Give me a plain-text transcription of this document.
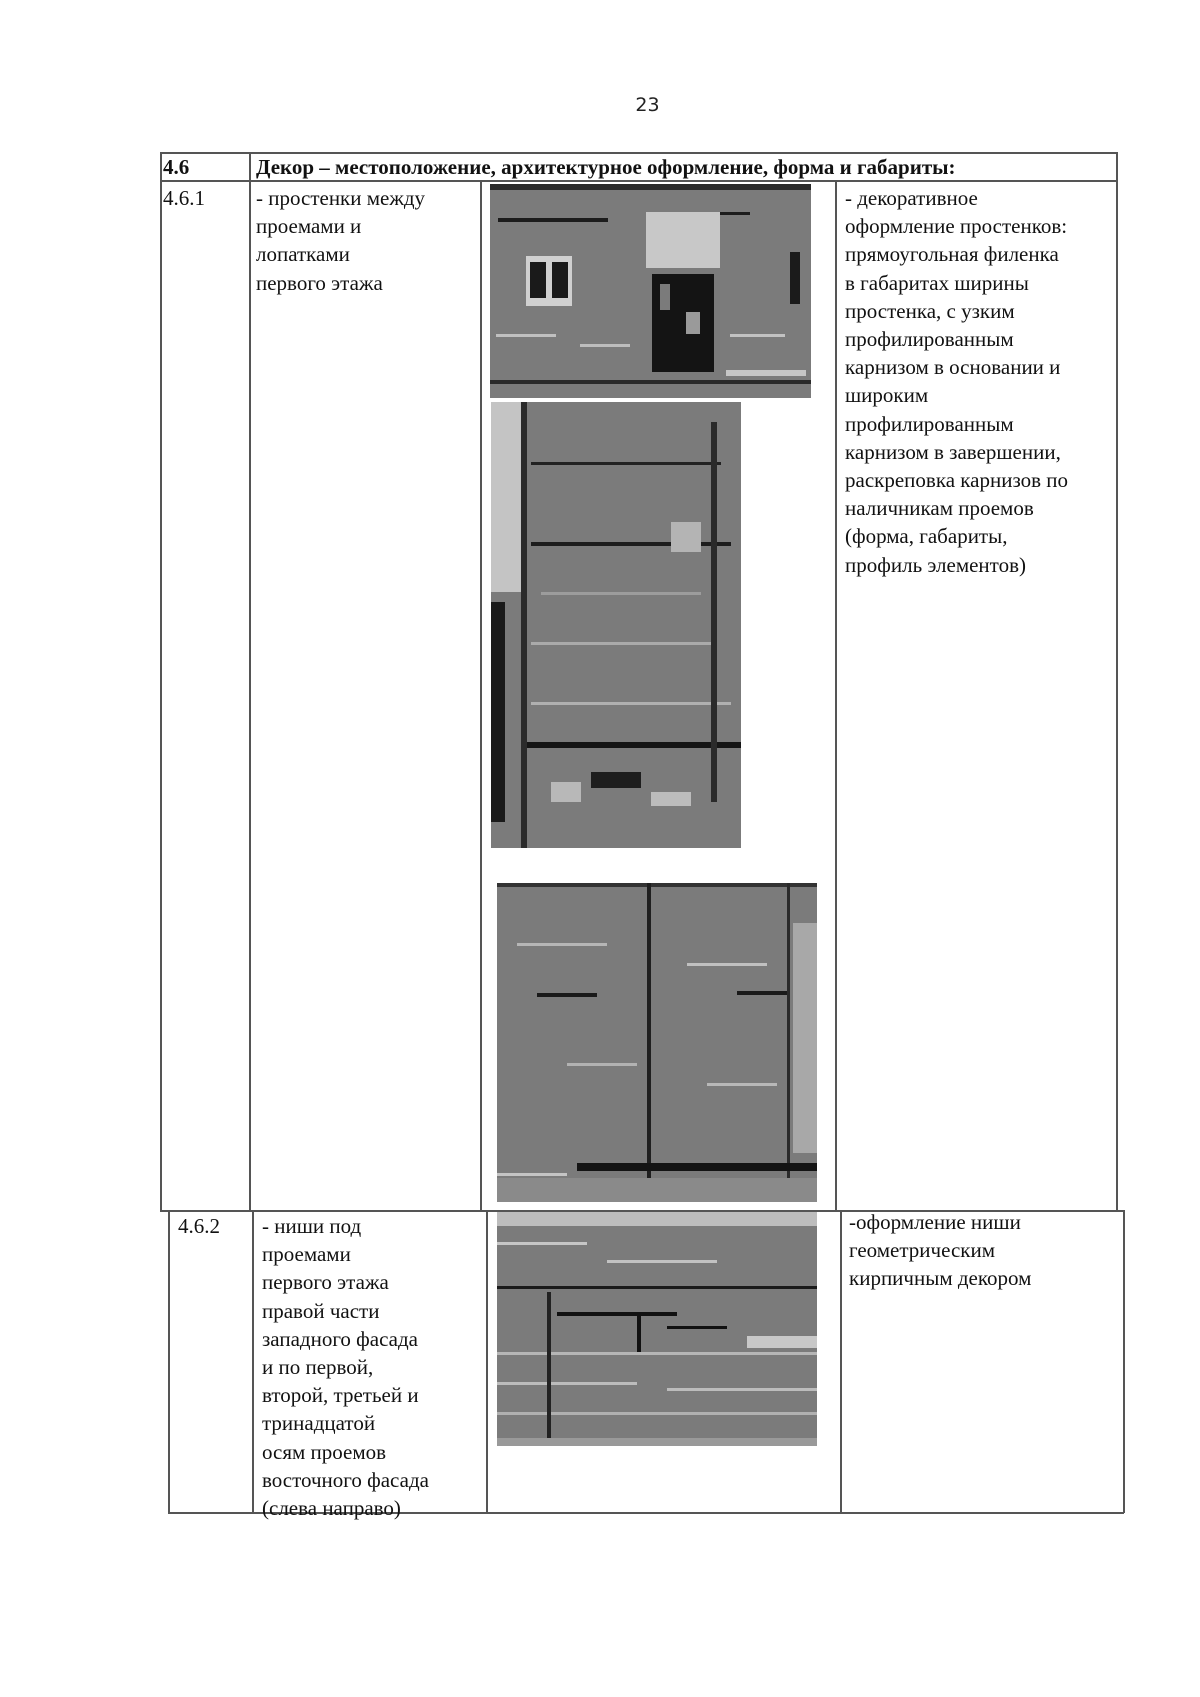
23
4.6	Декор – местоположение, архитектурное оформление, форма и габариты:
4.6.1 - простенки между
проемами и
лопатками
первого этажа
- декоративное
оформление простенков:
прямоугольная филенка
в габаритах ширины
простенка, с узким
профилированным
карнизом в основании и
широким
профилированным
карнизом в завершении,
раскреповка карнизов по
наличникам проемов
(форма, габариты,
профиль элементов)
4.6.2 - ниши под
проемами
первого этажа
правой части
западного фасада
и по первой,
второй, третьей и
тринадцатой
осям проемов
восточного фасада
(слева направо)
-оформление ниши
геометрическим
кирпичным декором
